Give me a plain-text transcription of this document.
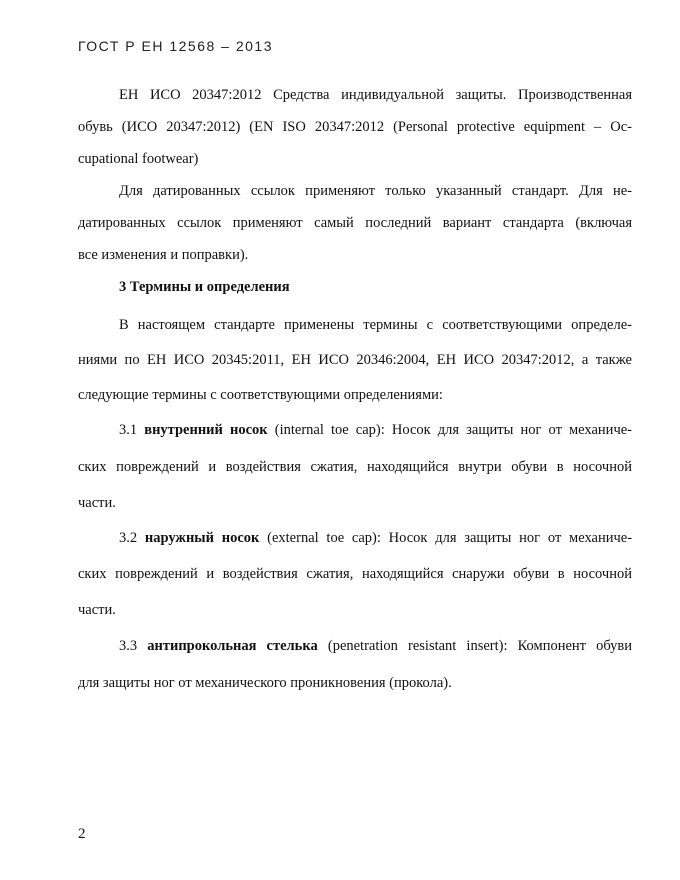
ГОСТ Р ЕН 12568 – 2013
ЕН ИСО 20347:2012 Средства индивидуальной защиты. Производственная
обувь (ИСО 20347:2012) (EN ISO 20347:2012 (Personal protective equipment – Oc-
cupational footwear)
Для датированных ссылок применяют только указанный стандарт. Для не-
датированных ссылок применяют самый последний вариант стандарта (включая
все изменения и поправки).
3 Термины и определения
В настоящем стандарте применены термины с соответствующими определе-
ниями по ЕН ИСО 20345:2011, ЕН ИСО 20346:2004, ЕН ИСО 20347:2012, а также
следующие термины с соответствующими определениями:
3.1 внутренний носок (internal toe cap): Носок для защиты ног от механиче-
ских повреждений и воздействия сжатия, находящийся внутри обуви в носочной
части.
3.2 наружный носок (external toe cap): Носок для защиты ног от механиче-
ских повреждений и воздействия сжатия, находящийся снаружи обуви в носочной
части.
3.3 антипрокольная стелька (penetration resistant insert): Компонент обуви
для защиты ног от механического проникновения (прокола).
2
